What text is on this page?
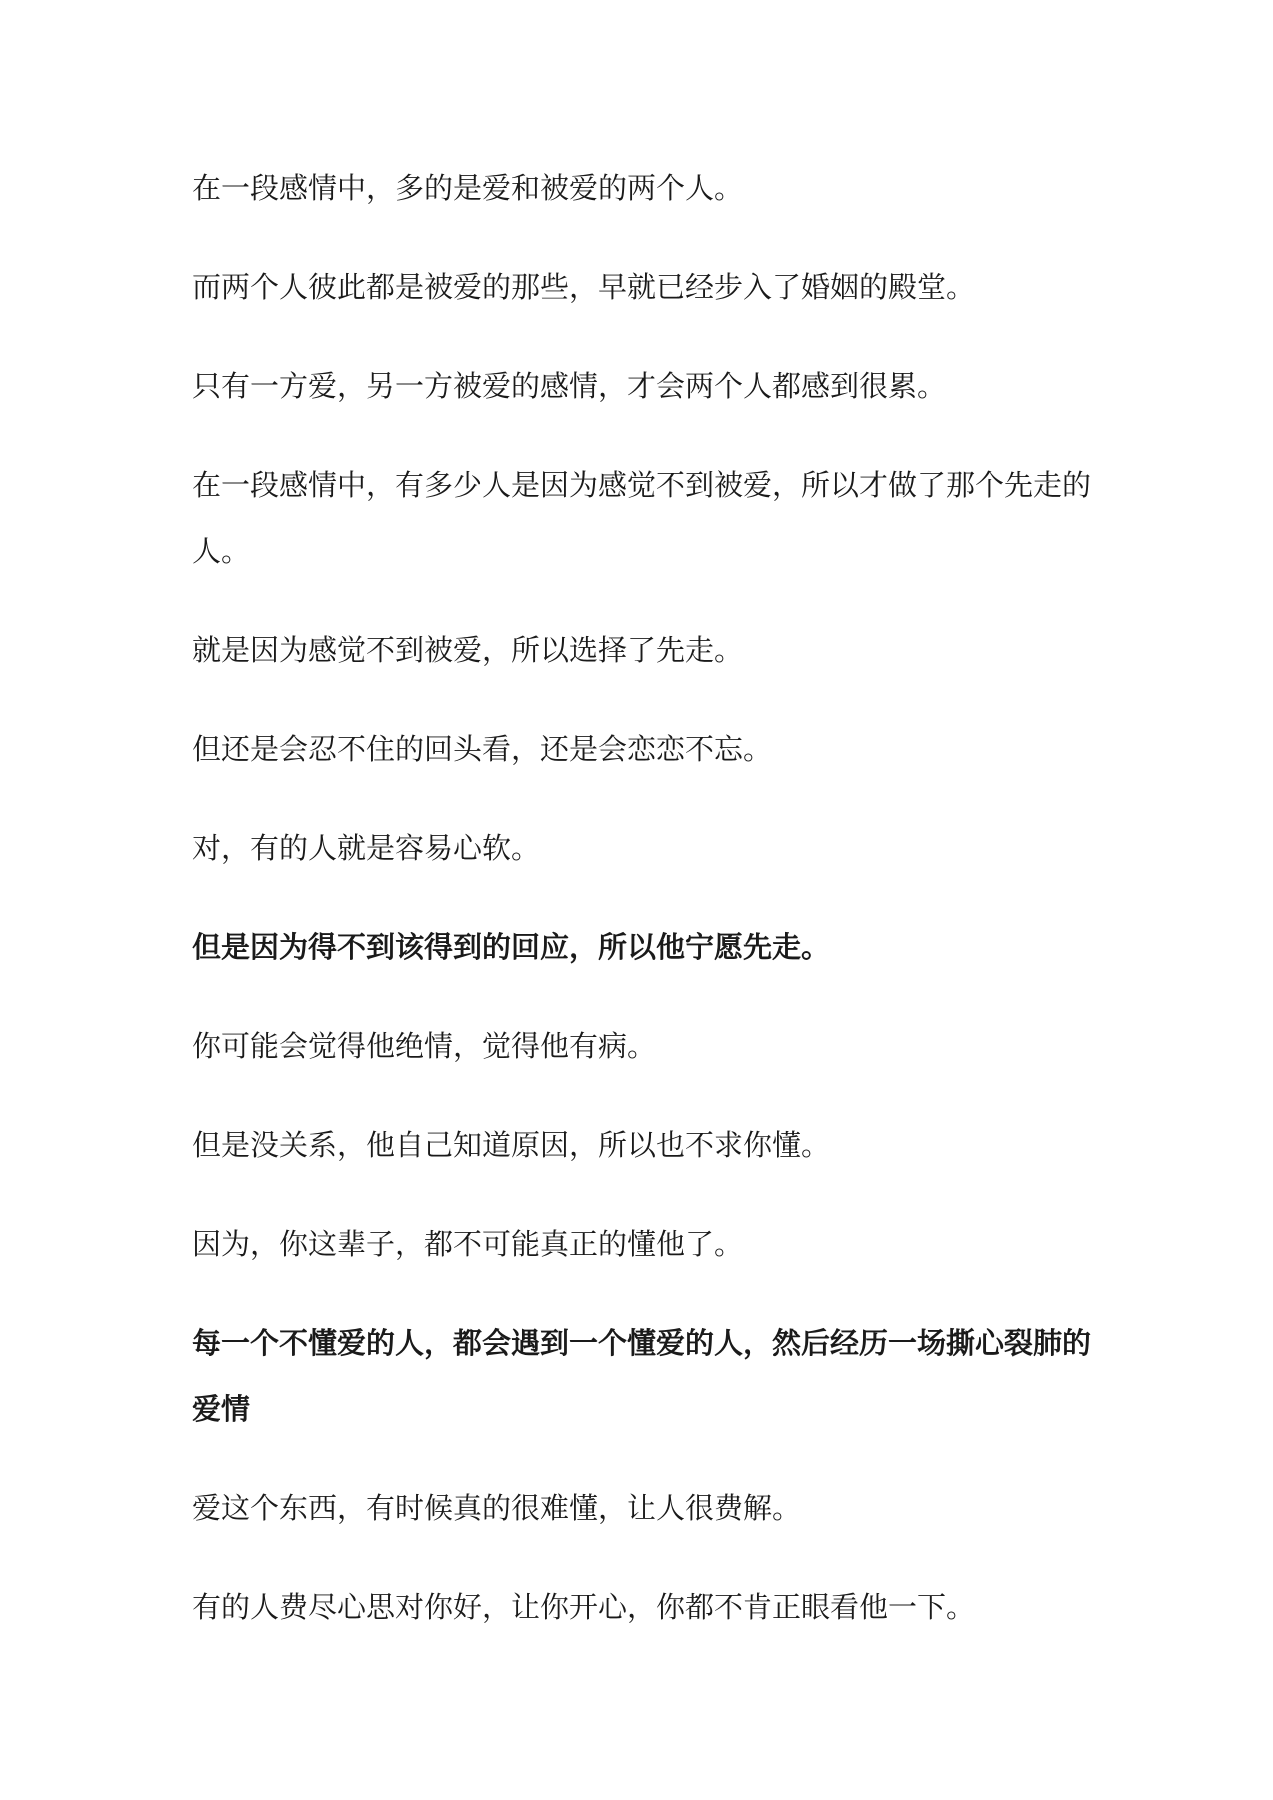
在一段感情中，多的是爱和被爱的两个人。

而两个人彼此都是被爱的那些，早就已经步入了婚姻的殿堂。

只有一方爱，另一方被爱的感情，才会两个人都感到很累。

在一段感情中，有多少人是因为感觉不到被爱，所以才做了那个先走的人。

就是因为感觉不到被爱，所以选择了先走。

但还是会忍不住的回头看，还是会恋恋不忘。

对，有的人就是容易心软。

但是因为得不到该得到的回应，所以他宁愿先走。

你可能会觉得他绝情，觉得他有病。

但是没关系，他自己知道原因，所以也不求你懂。

因为，你这辈子，都不可能真正的懂他了。

每一个不懂爱的人，都会遇到一个懂爱的人，然后经历一场撕心裂肺的爱情

爱这个东西，有时候真的很难懂，让人很费解。

有的人费尽心思对你好，让你开心，你都不肯正眼看他一下。
